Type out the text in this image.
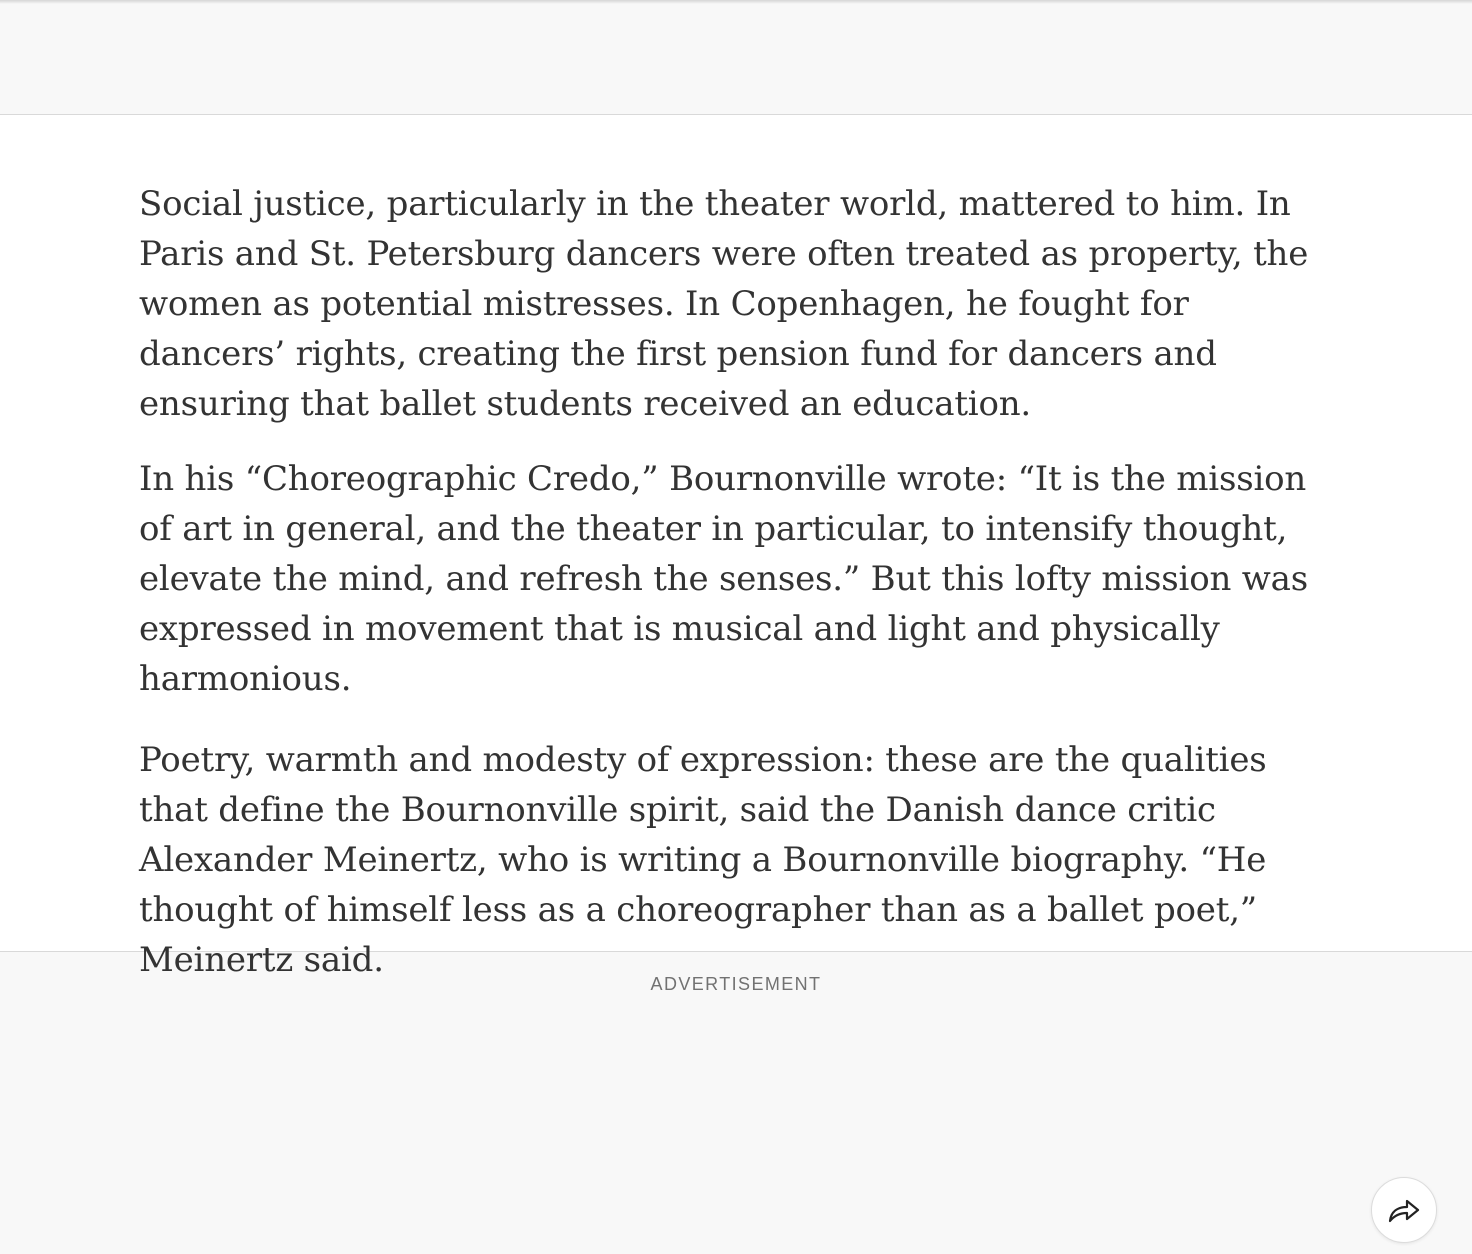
Social justice, particularly in the theater world, mattered to him. In Paris and St. Petersburg dancers were often treated as property, the women as potential mistresses. In Copenhagen, he fought for dancers’ rights, creating the first pension fund for dancers and ensuring that ballet students received an education.

In his “Choreographic Credo,” Bournonville wrote: “It is the mission of art in general, and the theater in particular, to intensify thought, elevate the mind, and refresh the senses.” But this lofty mission was expressed in movement that is musical and light and physically harmonious.

Poetry, warmth and modesty of expression: these are the qualities that define the Bournonville spirit, said the Danish dance critic Alexander Meinertz, who is writing a Bournonville biography. “He thought of himself less as a choreographer than as a ballet poet,” Meinertz said.

ADVERTISEMENT
